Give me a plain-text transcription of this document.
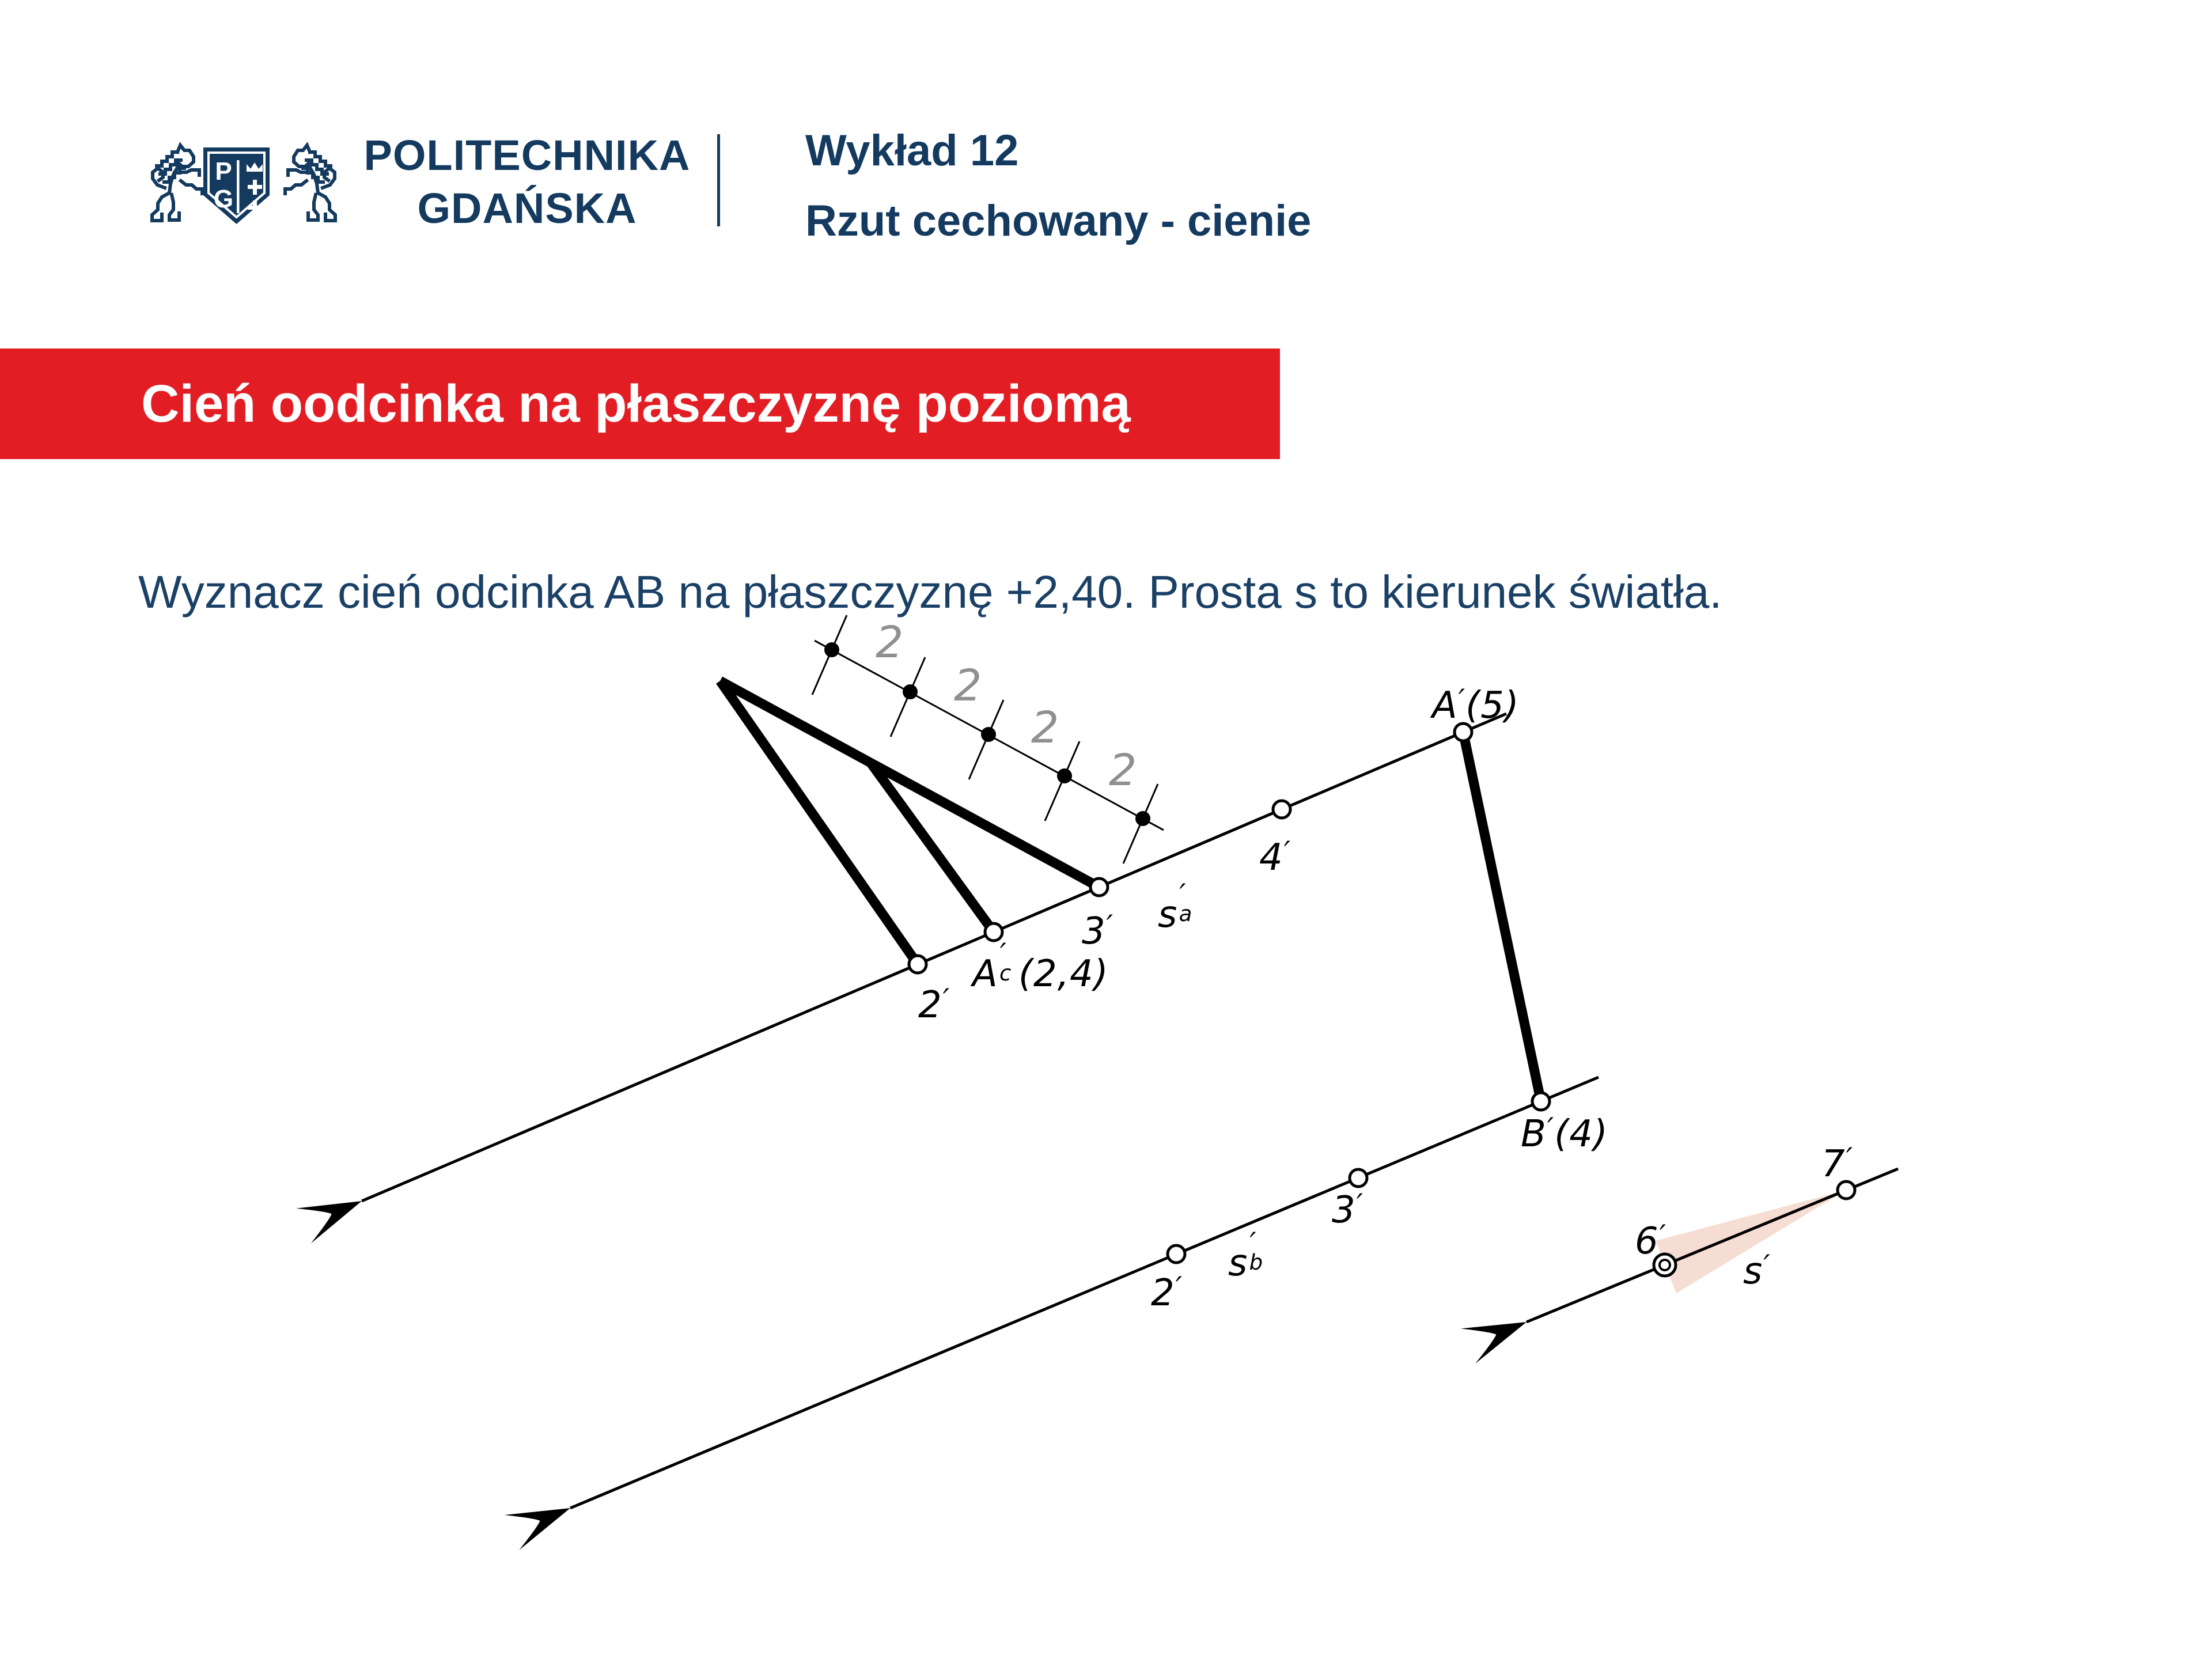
P
G
POLITECHNIKA
GDAŃSKA
Wykład 12
Rzut cechowany - cienie
Cień oodcinka na płaszczyznę poziomą
Wyznacz cień odcinka AB na płaszczyznę +2,40. Prosta s to kierunek światła.
2
2
2
2
A′(5)
4′
s ′
a
3′
A ′
c (2,4)
2′
B′(4)
3′
s ′
b
2′
6′
7′
s′
